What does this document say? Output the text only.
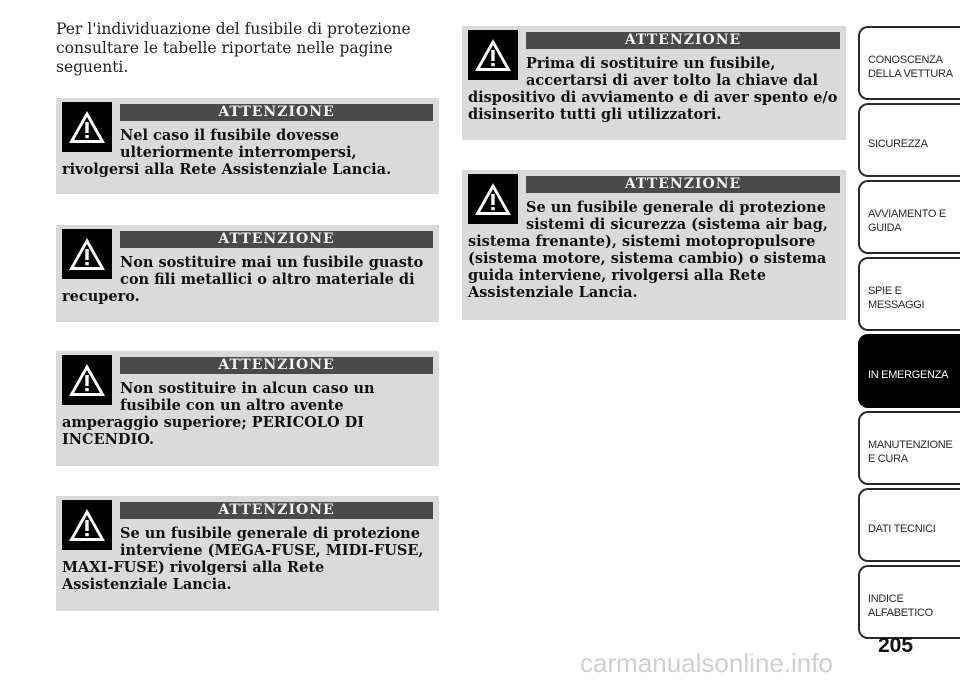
Per l'individuazione del fusibile di protezione consultare le tabelle riportate nelle pagine seguenti.
ATTENZIONE
Nel caso il fusibile dovesse ulteriormente interrompersi, rivolgersi alla Rete Assistenziale Lancia.
ATTENZIONE
Non sostituire mai un fusibile guasto con fili metallici o altro materiale di recupero.
ATTENZIONE
Non sostituire in alcun caso un fusibile con un altro avente amperaggio superiore; PERICOLO DI INCENDIO.
ATTENZIONE
Se un fusibile generale di protezione interviene (MEGA-FUSE, MIDI-FUSE, MAXI-FUSE) rivolgersi alla Rete Assistenziale Lancia.
ATTENZIONE
Prima di sostituire un fusibile, accertarsi di aver tolto la chiave dal dispositivo di avviamento e di aver spento e/o disinserito tutti gli utilizzatori.
ATTENZIONE
Se un fusibile generale di protezione sistemi di sicurezza (sistema air bag, sistema frenante), sistemi motopropulsore (sistema motore, sistema cambio) o sistema guida interviene, rivolgersi alla Rete Assistenziale Lancia.
CONOSCENZA DELLA VETTURA
SICUREZZA
AVVIAMENTO E GUIDA
SPIE E MESSAGGI
IN EMERGENZA
MANUTENZIONE E CURA
DATI TECNICI
INDICE ALFABETICO
205
carmanualsonline.info
